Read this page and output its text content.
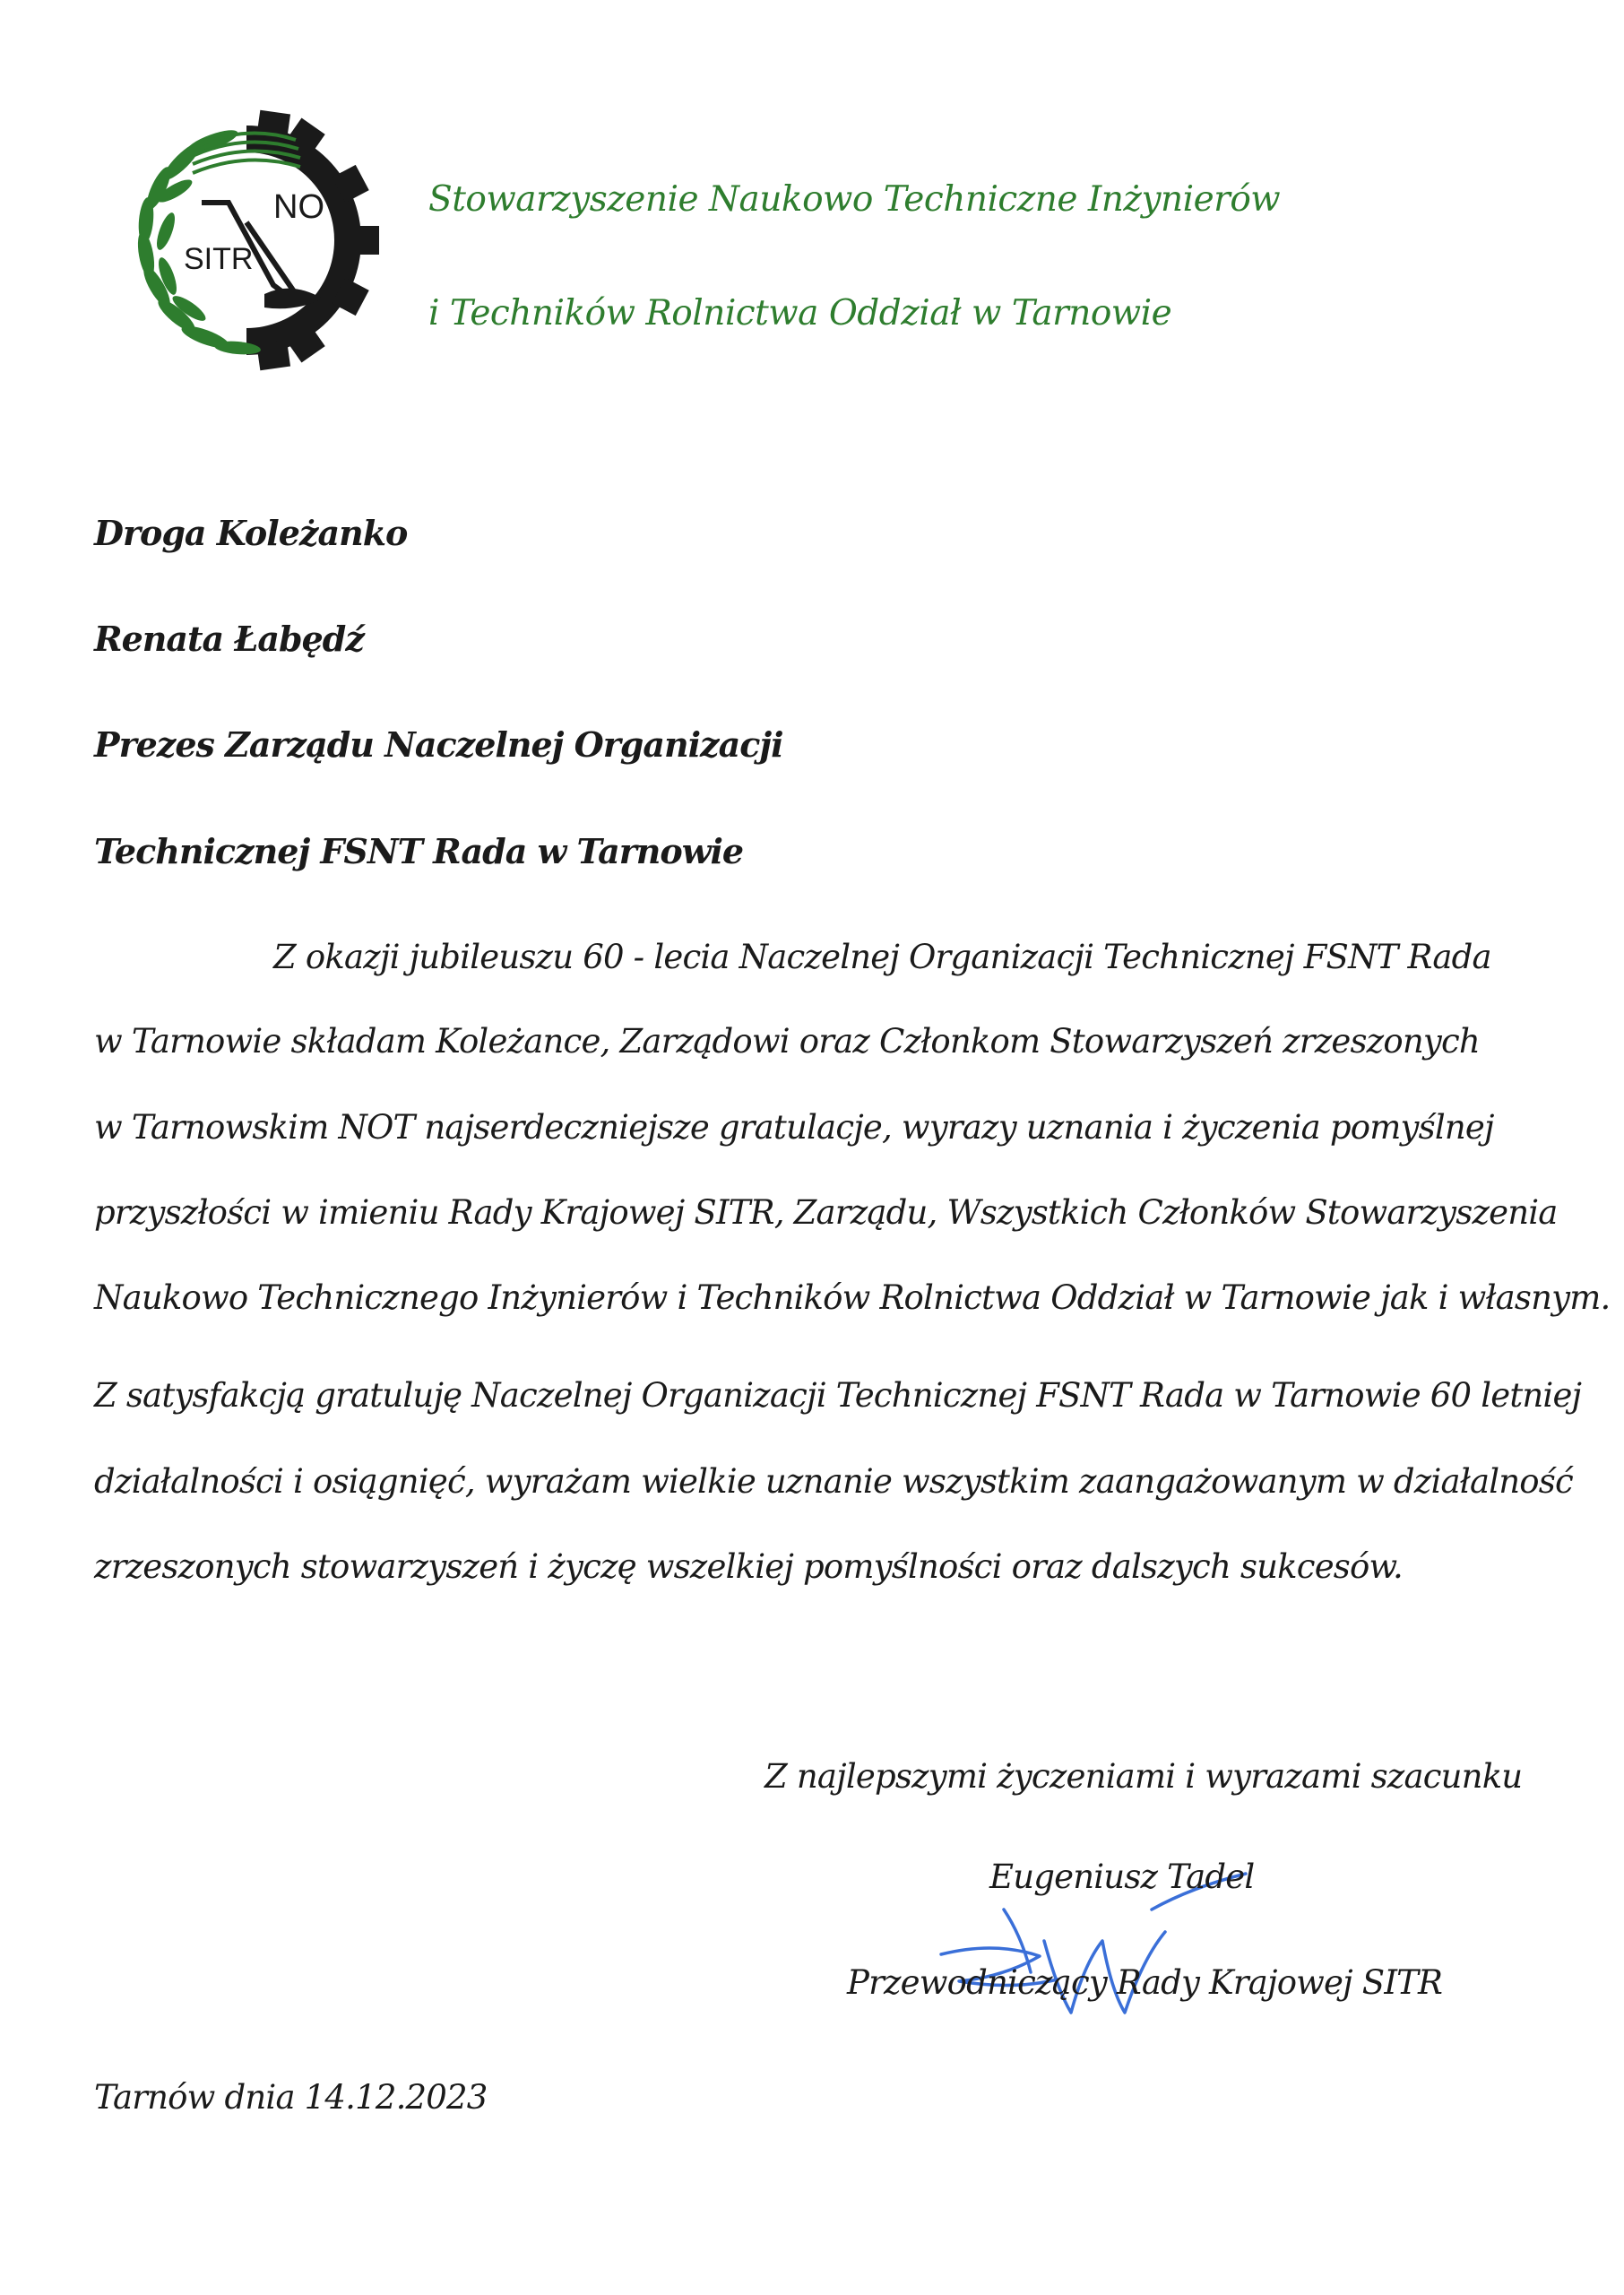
NOT
SITR
Stowarzyszenie Naukowo Techniczne Inżynierów
i Techników Rolnictwa Oddział w Tarnowie
Droga Koleżanko
Renata Łabędź
Prezes Zarządu Naczelnej Organizacji
Technicznej FSNT Rada w Tarnowie
Z okazji jubileuszu 60 - lecia Naczelnej Organizacji Technicznej FSNT Rada
w Tarnowie składam Koleżance, Zarządowi oraz Członkom Stowarzyszeń zrzeszonych
w Tarnowskim NOT najserdeczniejsze gratulacje, wyrazy uznania i życzenia pomyślnej
przyszłości w imieniu Rady Krajowej SITR, Zarządu, Wszystkich Członków Stowarzyszenia
Naukowo Technicznego Inżynierów i Techników Rolnictwa Oddział w Tarnowie jak i własnym.
Z satysfakcją gratuluję Naczelnej Organizacji Technicznej FSNT Rada w Tarnowie 60 letniej
działalności i osiągnięć, wyrażam wielkie uznanie wszystkim zaangażowanym w działalność
zrzeszonych stowarzyszeń i życzę wszelkiej pomyślności oraz dalszych sukcesów.
Z najlepszymi życzeniami i wyrazami szacunku
Eugeniusz Tadel
Przewodniczący Rady Krajowej SITR
Tarnów dnia 14.12.2023
